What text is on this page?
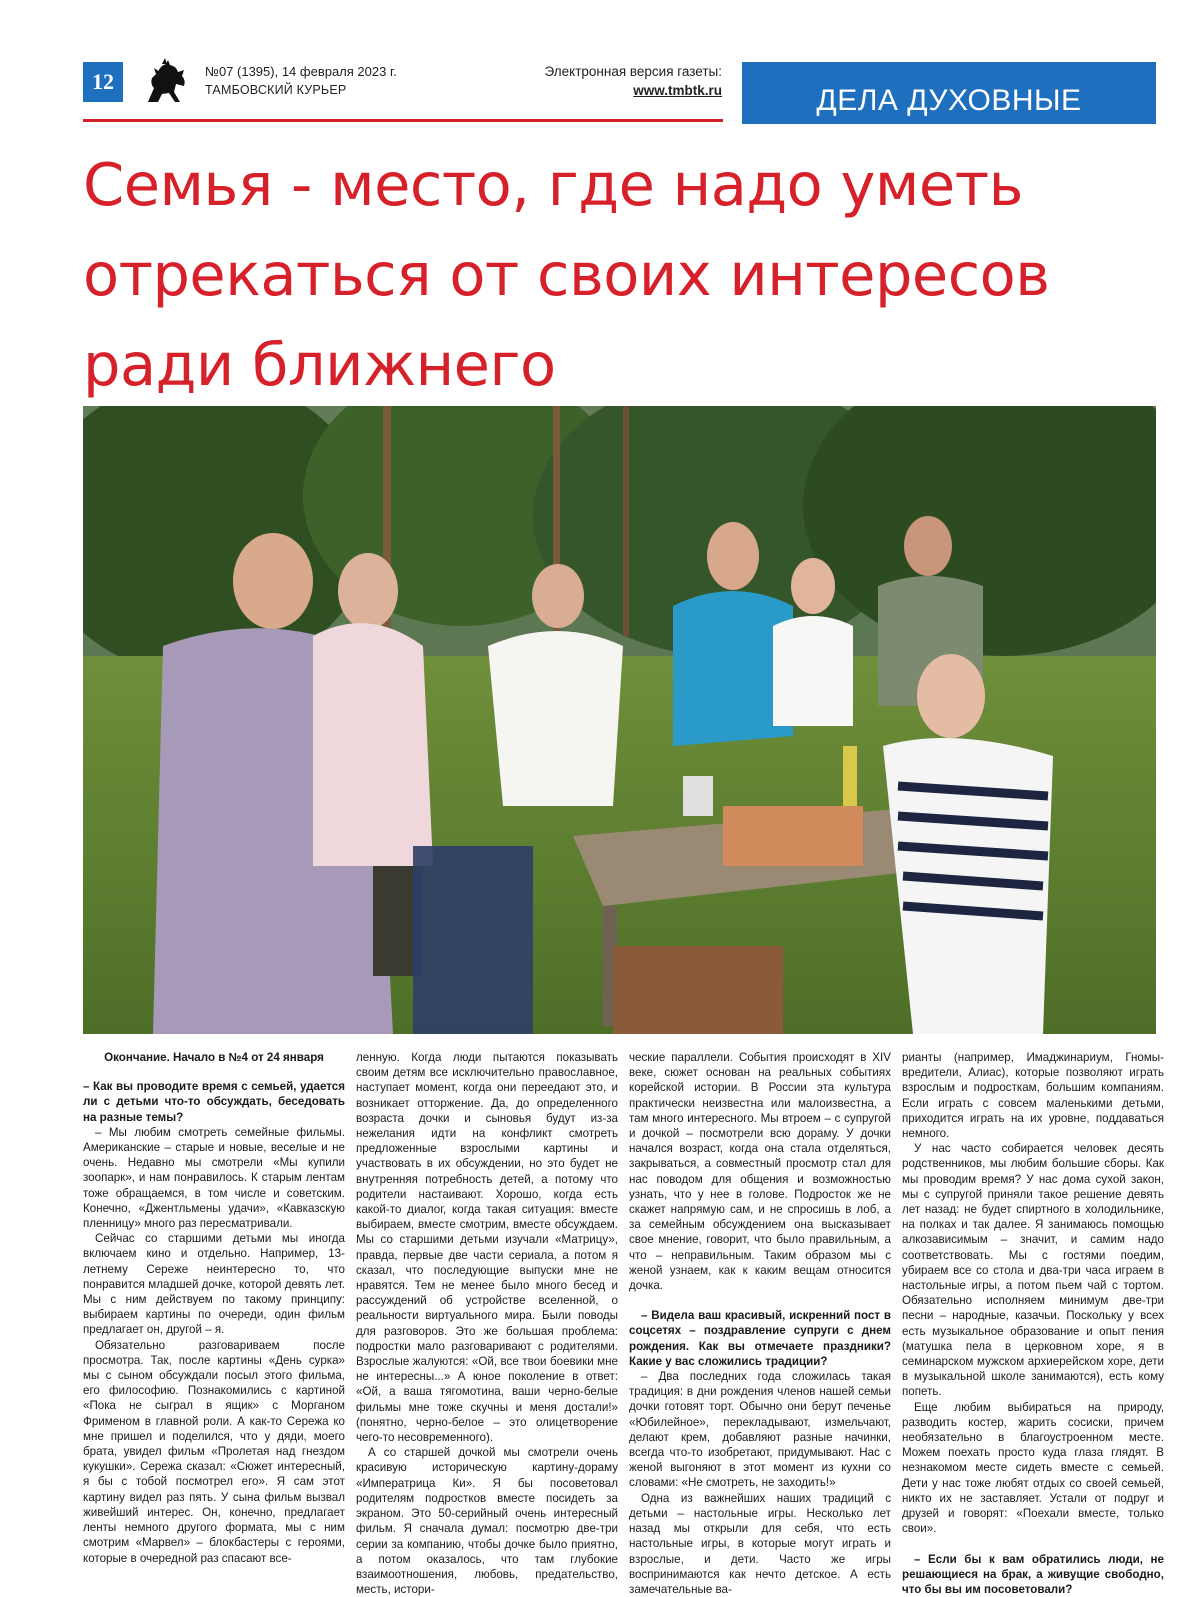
12	№07 (1395), 14 февраля 2023 г.
ТАМБОВСКИЙ КУРЬЕР
Электронная версия газеты:
www.tmbtk.ru	ДЕЛА ДУХОВНЫЕ
Семья - место, где надо уметь отрекаться от своих интересов ради ближнего

Окончание. Начало в №4 от 24 января

– Как вы проводите время с семьей, удается ли с детьми что-то обсуждать, беседовать на разные темы?

– Мы любим смотреть семейные фильмы. Американские – старые и новые, веселые и не очень. Недавно мы смотрели «Мы купили зоопарк», и нам понравилось. К старым лентам тоже обращаемся, в том числе и советским. Конечно, «Джентльмены удачи», «Кавказскую пленницу» много раз пересматривали.

Сейчас со старшими детьми мы иногда включаем кино и отдельно. Например, 13-летнему Сереже неинтересно то, что понравится младшей дочке, которой девять лет. Мы с ним действуем по такому принципу: выбираем картины по очереди, один фильм предлагает он, другой – я.

Обязательно разговариваем после просмотра. Так, после картины «День сурка» мы с сыном обсуждали посыл этого фильма, его философию. Познакомились с картиной «Пока не сыграл в ящик» с Морганом Фрименом в главной роли. А как-то Сережа ко мне пришел и поделился, что у дяди, моего брата, увидел фильм «Пролетая над гнездом кукушки». Сережа сказал: «Сюжет интересный, я бы с тобой посмотрел его». Я сам этот картину видел раз пять. У сына фильм вызвал живейший интерес. Он, конечно, предлагает ленты немного другого формата, мы с ним смотрим «Марвел» – блокбастеры с героями, которые в очередной раз спасают все-

ленную. Когда люди пытаются показывать своим детям все исключительно православное, наступает момент, когда они переедают это, и возникает отторжение. Да, до определенного возраста дочки и сыновья будут из-за нежелания идти на конфликт смотреть предложенные взрослыми картины и участвовать в их обсуждении, но это будет не внутренняя потребность детей, а потому что родители настаивают. Хорошо, когда есть какой-то диалог, когда такая ситуация: вместе выбираем, вместе смотрим, вместе обсуждаем. Мы со старшими детьми изучали «Матрицу», правда, первые две части сериала, а потом я сказал, что последующие выпуски мне не нравятся. Тем не менее было много бесед и рассуждений об устройстве вселенной, о реальности виртуального мира. Были поводы для разговоров. Это же большая проблема: подростки мало разговаривают с родителями. Взрослые жалуются: «Ой, все твои боевики мне не интересны...» А юное поколение в ответ: «Ой, а ваша тягомотина, ваши черно-белые фильмы мне тоже скучны и меня достали!» (понятно, черно-белое – это олицетворение чего-то несовременного).

А со старшей дочкой мы смотрели очень красивую историческую картину-дораму «Императрица Ки». Я бы посоветовал родителям подростков вместе посидеть за экраном. Это 50-серийный очень интересный фильм. Я сначала думал: посмотрю две-три серии за компанию, чтобы дочке было приятно, а потом оказалось, что там глубокие взаимоотношения, любовь, предательство, месть, истори-

ческие параллели. События происходят в XIV веке, сюжет основан на реальных событиях корейской истории. В России эта культура практически неизвестна или малоизвестна, а там много интересного. Мы втроем – с супругой и дочкой – посмотрели всю дораму. У дочки начался возраст, когда она стала отделяться, закрываться, а совместный просмотр стал для нас поводом для общения и возможностью узнать, что у нее в голове. Подросток же не скажет напрямую сам, и не спросишь в лоб, а за семейным обсуждением она высказывает свое мнение, говорит, что было правильным, а что – неправильным. Таким образом мы с женой узнаем, как к каким вещам относится дочка.

– Видела ваш красивый, искренний пост в соцсетях – поздравление супруги с днем рождения. Как вы отмечаете праздники? Какие у вас сложились традиции?

– Два последних года сложилась такая традиция: в дни рождения членов нашей семьи дочки готовят торт. Обычно они берут печенье «Юбилейное», перекладывают, измельчают, делают крем, добавляют разные начинки, всегда что-то изобретают, придумывают. Нас с женой выгоняют в этот момент из кухни со словами: «Не смотреть, не заходить!»

Одна из важнейших наших традиций с детьми – настольные игры. Несколько лет назад мы открыли для себя, что есть настольные игры, в которые могут играть и взрослые, и дети. Часто же игры воспринимаются как нечто детское. А есть замечательные ва-

рианты (например, Имаджинариум, Гномы-вредители, Алиас), которые позволяют играть взрослым и подросткам, большим компаниям. Если играть с совсем маленькими детьми, приходится играть на их уровне, поддаваться немного.

У нас часто собирается человек десять родственников, мы любим большие сборы. Как мы проводим время? У нас дома сухой закон, мы с супругой приняли такое решение девять лет назад: не будет спиртного в холодильнике, на полках и так далее. Я занимаюсь помощью алкозависимым – значит, и самим надо соответствовать. Мы с гостями поедим, убираем все со стола и два-три часа играем в настольные игры, а потом пьем чай с тортом. Обязательно исполняем минимум две-три песни – народные, казачьи. Поскольку у всех есть музыкальное образование и опыт пения (матушка пела в церковном хоре, я в семинарском мужском архиерейском хоре, дети в музыкальной школе занимаются), есть кому попеть.

Еще любим выбираться на природу, разводить костер, жарить сосиски, причем необязательно в благоустроенном месте. Можем поехать просто куда глаза глядят. В незнакомом месте сидеть вместе с семьей. Дети у нас тоже любят отдых со своей семьей, никто их не заставляет. Устали от подруг и друзей и говорят: «Поехали вместе, только свои».

– Если бы к вам обратились люди, не решающиеся на брак, а живущие свободно, что бы вы им посоветовали?
